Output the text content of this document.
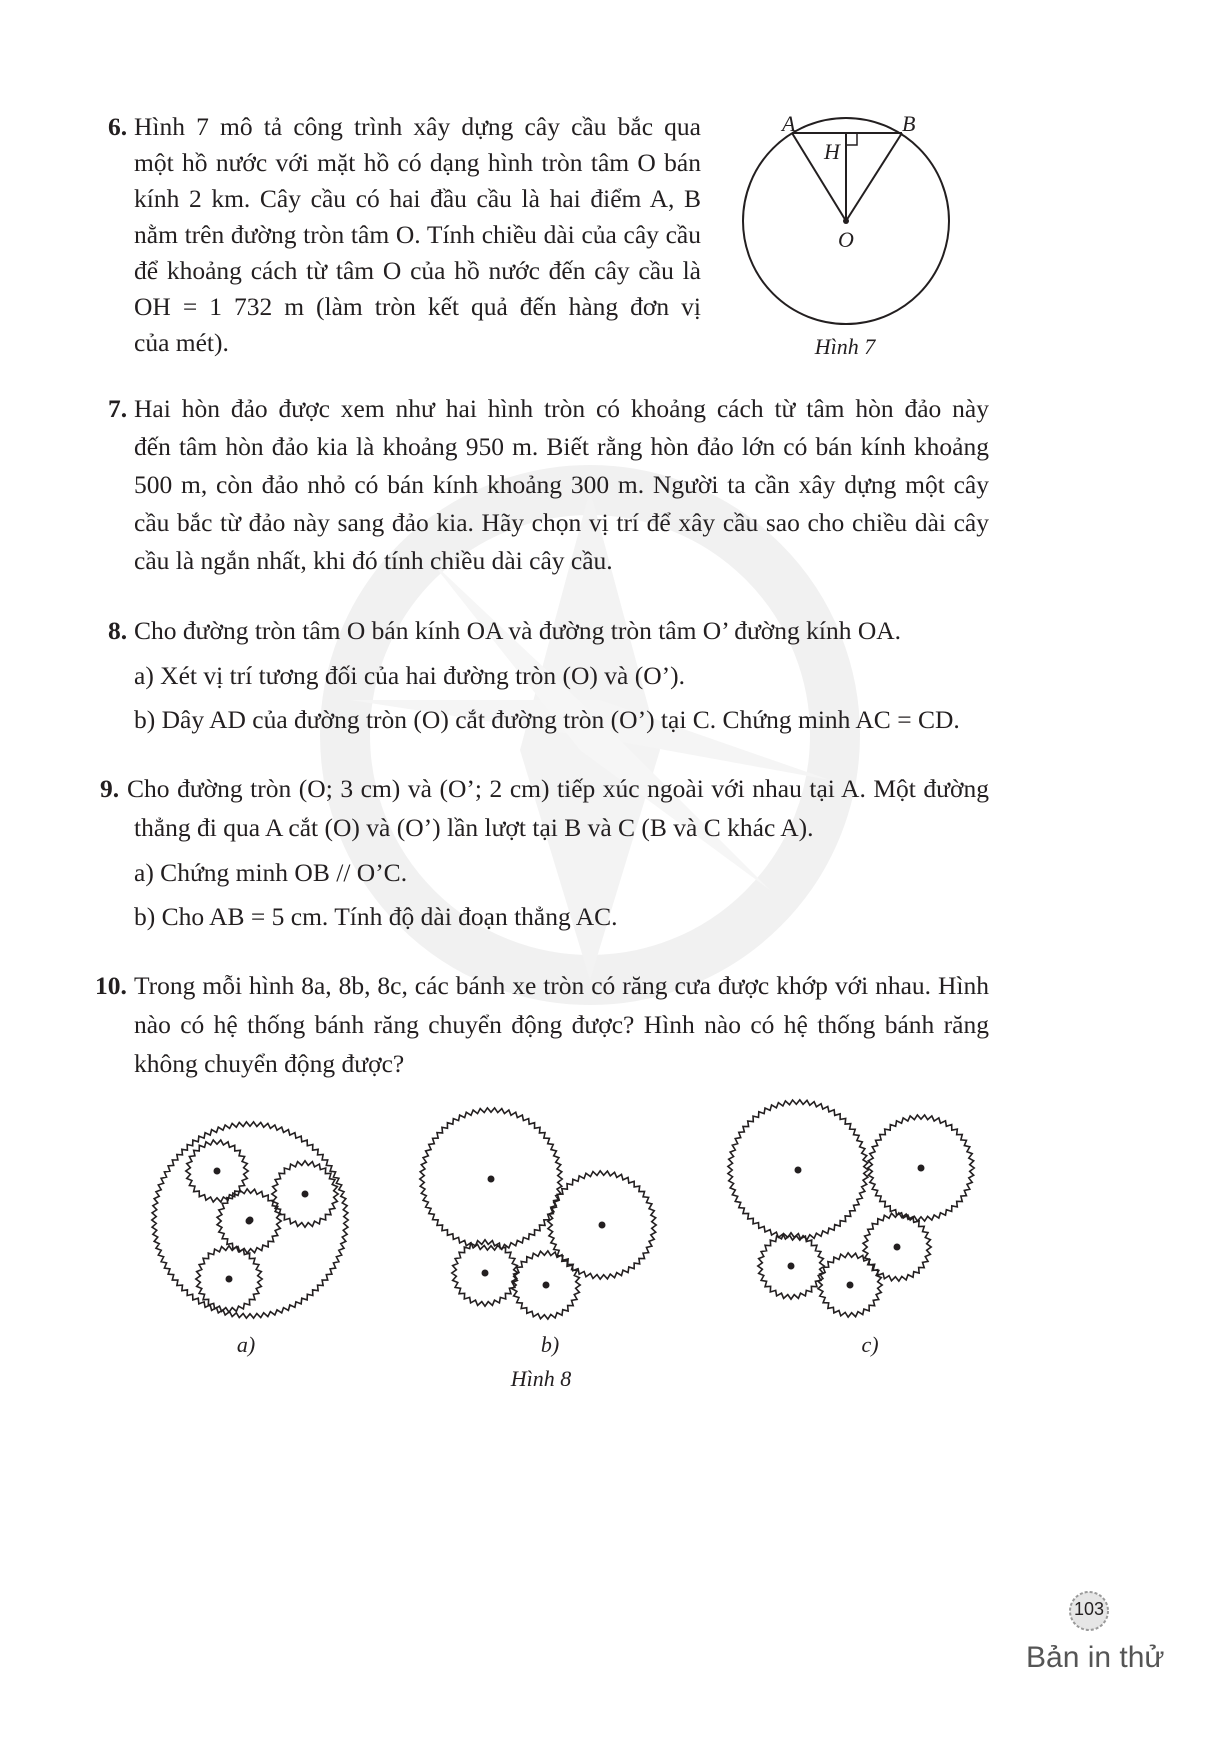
6. Hình 7 mô tả công trình xây dựng cây cầu bắc qua
một hồ nước với mặt hồ có dạng hình tròn tâm O bán
kính 2 km. Cây cầu có hai đầu cầu là hai điểm A, B
nằm trên đường tròn tâm O. Tính chiều dài của cây cầu
để khoảng cách từ tâm O của hồ nước đến cây cầu là
OH = 1 732 m (làm tròn kết quả đến hàng đơn vị
của mét).
A	B
H
O
Hình 7
7. Hai hòn đảo được xem như hai hình tròn có khoảng cách từ tâm hòn đảo này
đến tâm hòn đảo kia là khoảng 950 m. Biết rằng hòn đảo lớn có bán kính khoảng
500 m, còn đảo nhỏ có bán kính khoảng 300 m. Người ta cần xây dựng một cây
cầu bắc từ đảo này sang đảo kia. Hãy chọn vị trí để xây cầu sao cho chiều dài cây
cầu là ngắn nhất, khi đó tính chiều dài cây cầu.
8. Cho đường tròn tâm O bán kính OA và đường tròn tâm O’ đường kính OA.
a) Xét vị trí tương đối của hai đường tròn (O) và (O’).
b) Dây AD của đường tròn (O) cắt đường tròn (O’) tại C. Chứng minh AC = CD.
9. Cho đường tròn (O; 3 cm) và (O’; 2 cm) tiếp xúc ngoài với nhau tại A. Một đường
thẳng đi qua A cắt (O) và (O’) lần lượt tại B và C (B và C khác A).
a) Chứng minh OB // O’C.
b) Cho AB = 5 cm. Tính độ dài đoạn thẳng AC.
10. Trong mỗi hình 8a, 8b, 8c, các bánh xe tròn có răng cưa được khớp với nhau. Hình
nào có hệ thống bánh răng chuyển động được? Hình nào có hệ thống bánh răng
không chuyển động được?
a)	b)	c)
Hình 8
103
Bản in thử
